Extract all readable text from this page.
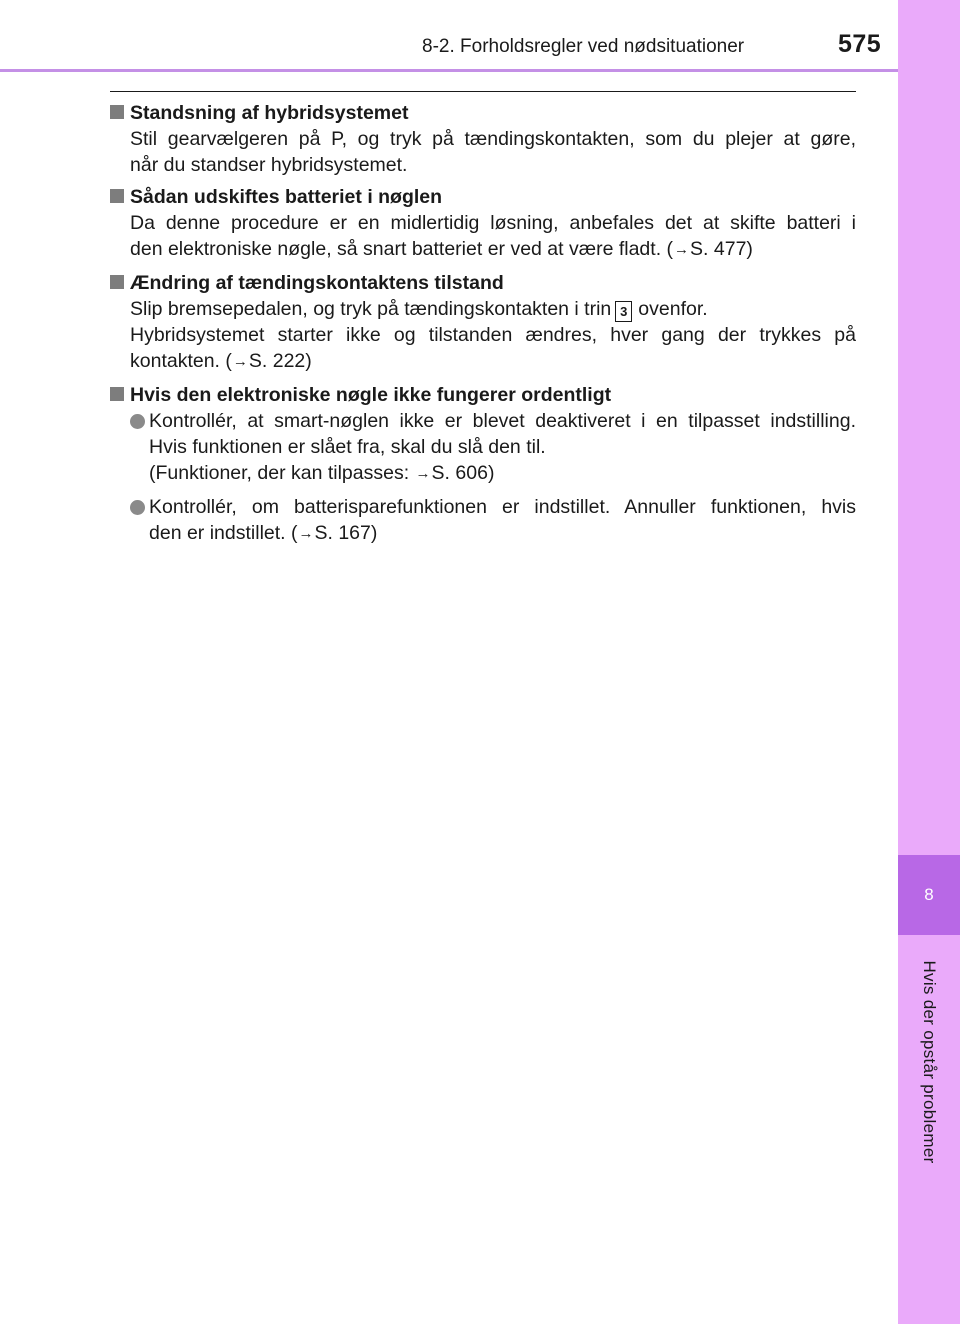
8-2. Forholdsregler ved nødsituationer	575
8
Hvis der opstår problemer
Standsning af hybridsystemet
Stil gearvælgeren på P, og tryk på tændingskontakten, som du plejer at gøre,
når du standser hybridsystemet.
Sådan udskiftes batteriet i nøglen
Da denne procedure er en midlertidig løsning, anbefales det at skifte batteri i
den elektroniske nøgle, så snart batteriet er ved at være fladt. (→S. 477)
Ændring af tændingskontaktens tilstand
Slip bremsepedalen, og tryk på tændingskontakten i trin 3 ovenfor.
Hybridsystemet starter ikke og tilstanden ændres, hver gang der trykkes på
kontakten. (→S. 222)
Hvis den elektroniske nøgle ikke fungerer ordentligt
Kontrollér, at smart-nøglen ikke er blevet deaktiveret i en tilpasset indstilling.
Hvis funktionen er slået fra, skal du slå den til.
(Funktioner, der kan tilpasses: →S. 606)
Kontrollér, om batterisparefunktionen er indstillet. Annuller funktionen, hvis
den er indstillet. (→S. 167)
